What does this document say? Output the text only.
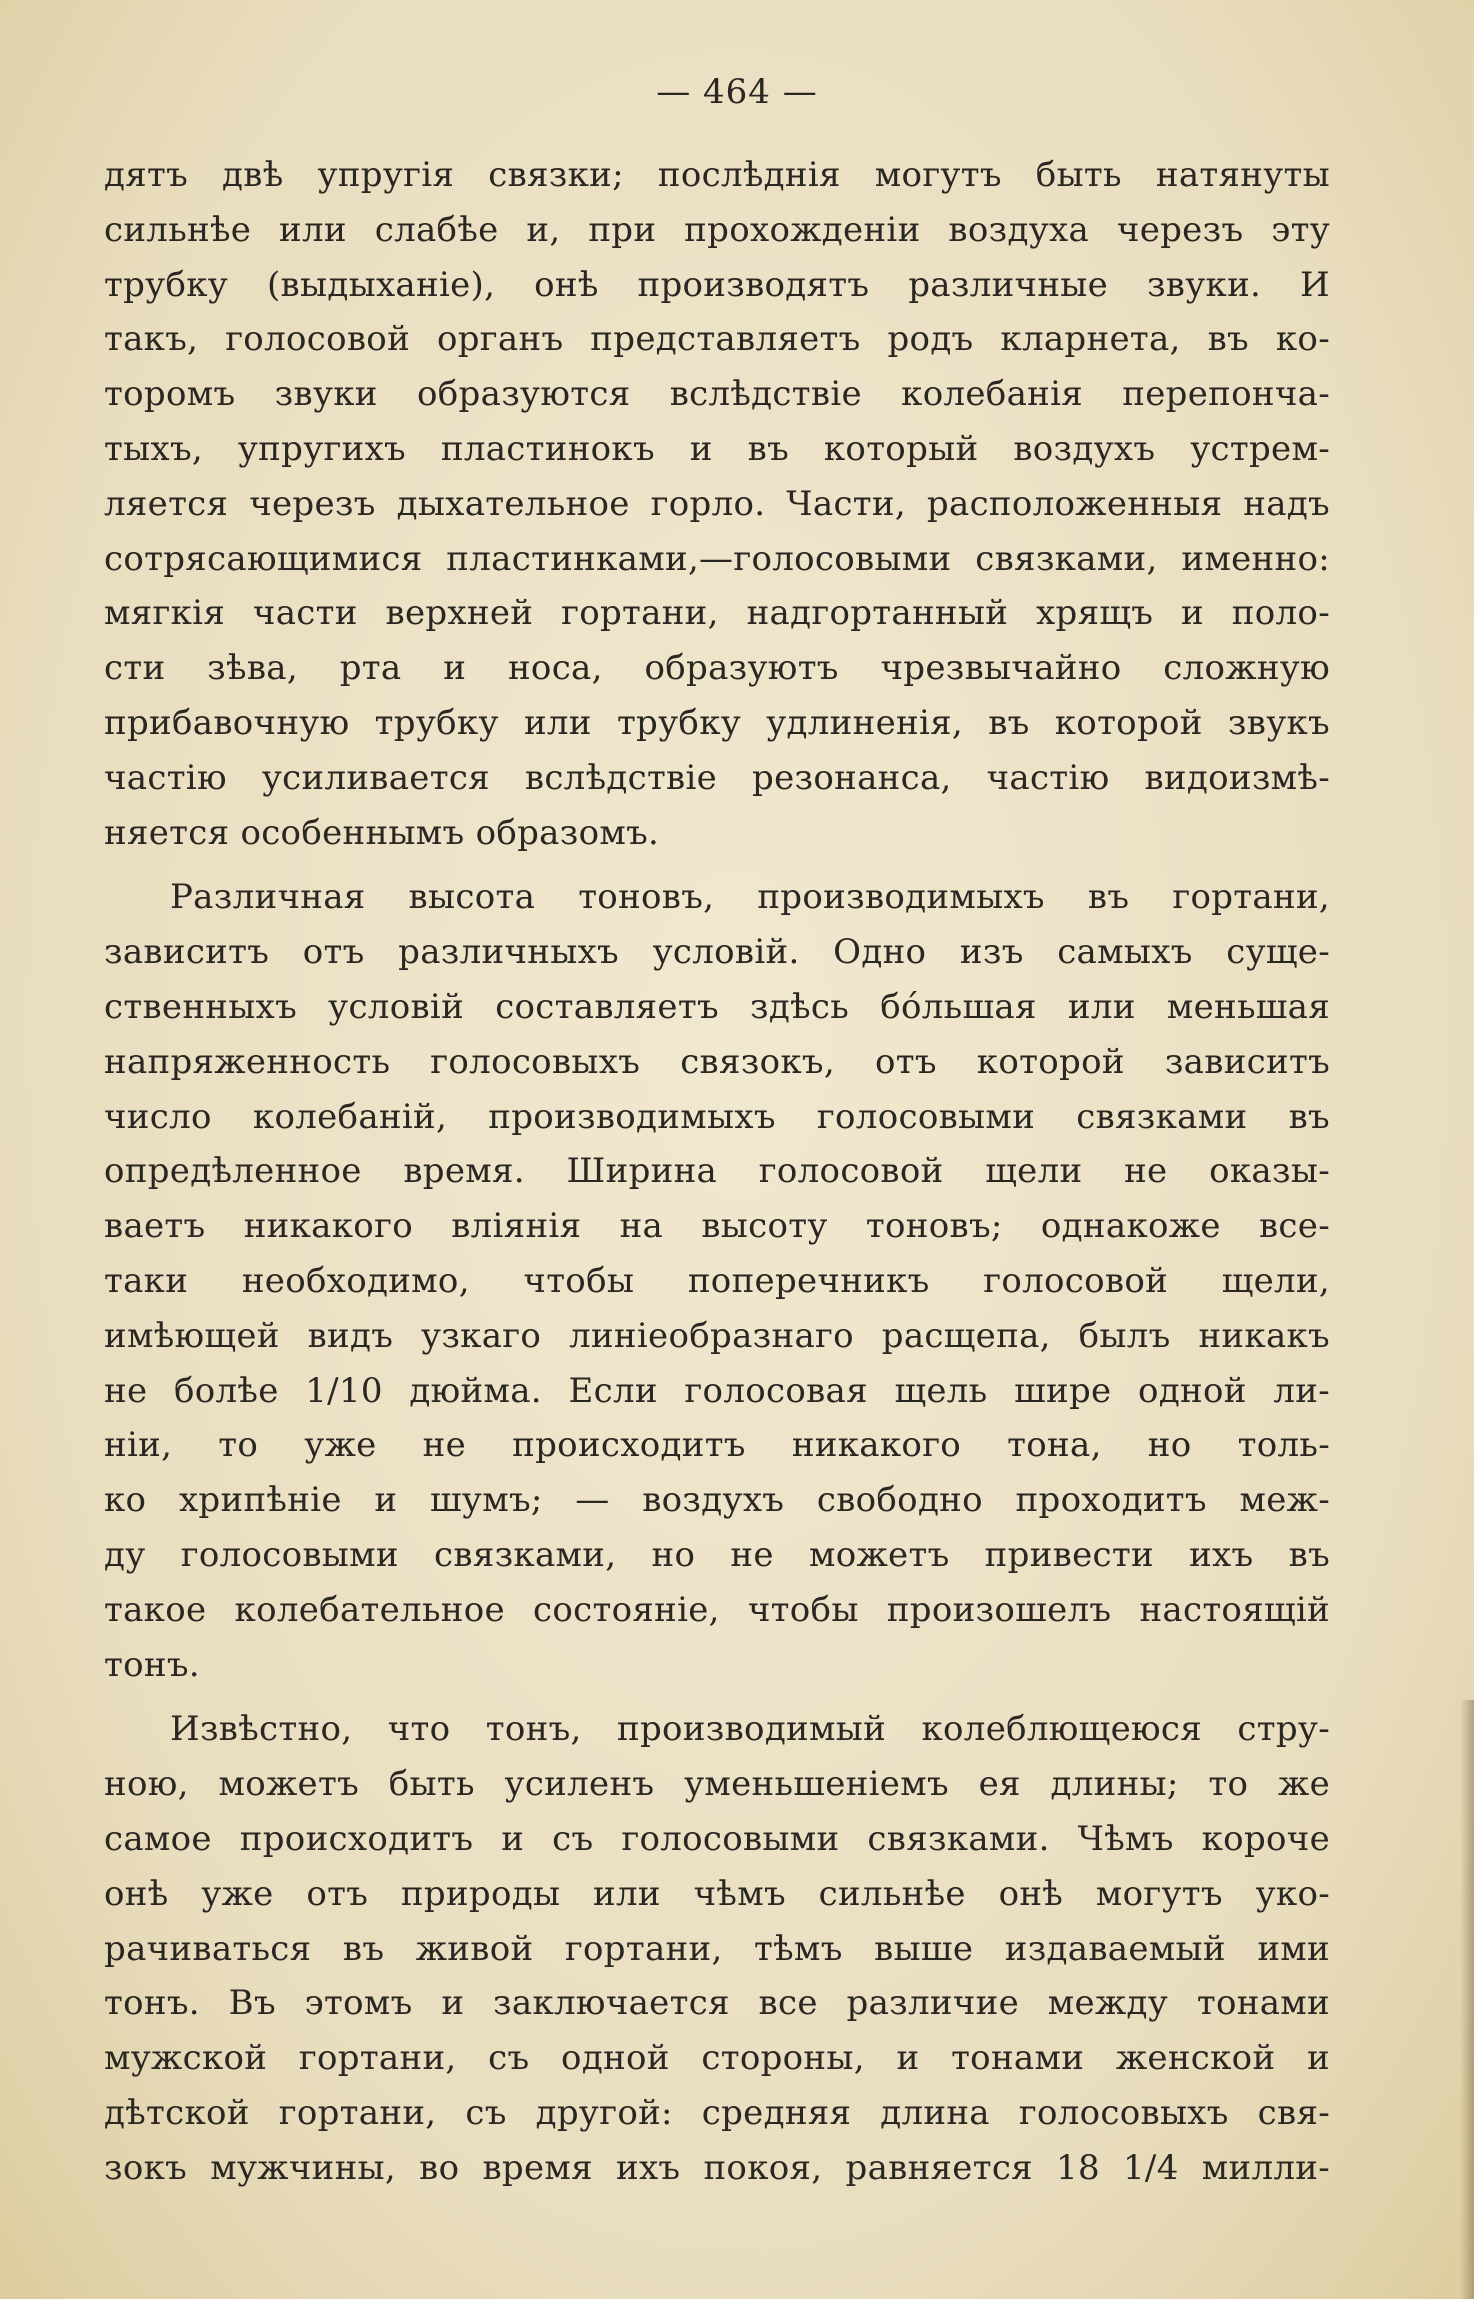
— 464 —
дятъ двѣ упругія связки; послѣднія могутъ быть натянуты
сильнѣе или слабѣе и, при прохожденіи воздуха черезъ эту
трубку (выдыханіе), онѣ производятъ различные звуки. И
такъ, голосовой органъ представляетъ родъ кларнета, въ ко-
торомъ звуки образуются вслѣдствіе колебанія перепонча-
тыхъ, упругихъ пластинокъ и въ который воздухъ устрем-
ляется черезъ дыхательное горло. Части, расположенныя надъ
сотрясающимися пластинками,—голосовыми связками, именно:
мягкія части верхней гортани, надгортанный хрящъ и поло-
сти зѣва, рта и носа, образуютъ чрезвычайно сложную
прибавочную трубку или трубку удлиненія, въ которой звукъ
частію усиливается вслѣдствіе резонанса, частію видоизмѣ-
няется особеннымъ образомъ.
Различная высота тоновъ, производимыхъ въ гортани,
зависитъ отъ различныхъ условій. Одно изъ самыхъ суще-
ственныхъ условій составляетъ здѣсь бóльшая или меньшая
напряженность голосовыхъ связокъ, отъ которой зависитъ
число колебаній, производимыхъ голосовыми связками въ
опредѣленное время. Ширина голосовой щели не оказы-
ваетъ никакого вліянія на высоту тоновъ; однакоже все-
таки необходимо, чтобы поперечникъ голосовой щели,
имѣющей видъ узкаго линіеобразнаго расщепа, былъ никакъ
не болѣе 1/10 дюйма. Если голосовая щель шире одной ли-
ніи, то уже не происходитъ никакого тона, но толь-
ко хрипѣніе и шумъ; — воздухъ свободно проходитъ меж-
ду голосовыми связками, но не можетъ привести ихъ въ
такое колебательное состояніе, чтобы произошелъ настоящій
тонъ.
Извѣстно, что тонъ, производимый колеблющеюся стру-
ною, можетъ быть усиленъ уменьшеніемъ ея длины; то же
самое происходитъ и съ голосовыми связками. Чѣмъ короче
онѣ уже отъ природы или чѣмъ сильнѣе онѣ могутъ уко-
рачиваться въ живой гортани, тѣмъ выше издаваемый ими
тонъ. Въ этомъ и заключается все различие между тонами
мужской гортани, съ одной стороны, и тонами женской и
дѣтской гортани, съ другой: средняя длина голосовыхъ свя-
зокъ мужчины, во время ихъ покоя, равняется 18 1/4 милли-
